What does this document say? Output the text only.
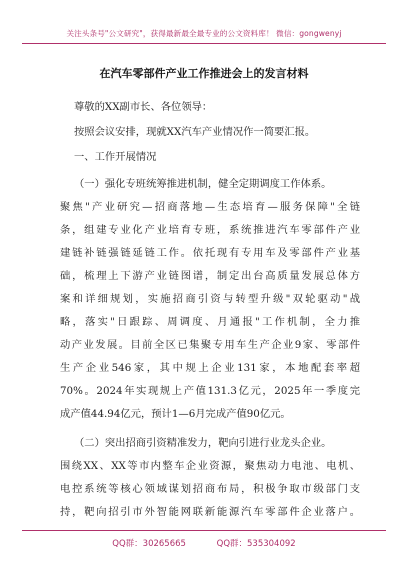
关注头条号"公文研究"，获得最新最全最专业的公文资料库！ 微信：gongwenyj
在汽车零部件产业工作推进会上的发言材料
尊敬的XX副市长、各位领导：
按照会议安排，现就XX汽车产业情况作一简要汇报。
一、工作开展情况
（一）强化专班统筹推进机制，健全定期调度工作体系。
聚焦"产业研究—招商落地—生态培育—服务保障"全链
条，组建专业化产业培育专班，系统推进汽车零部件产业
建链补链强链延链工作。依托现有专用车及零部件产业基
础，梳理上下游产业链图谱，制定出台高质量发展总体方
案和详细规划，实施招商引资与转型升级"双轮驱动"战
略，落实"日跟踪、周调度、月通报"工作机制，全力推
动产业发展。目前全区已集聚专用车生产企业9家、零部件
生产企业546家，其中规上企业131家，本地配套率超
70%。2024年实现规上产值131.3亿元，2025年一季度完
成产值44.94亿元，预计1—6月完成产值90亿元。
（二）突出招商引资精准发力，靶向引进行业龙头企业。
围绕XX、XX等市内整车企业资源，聚焦动力电池、电机、
电控系统等核心领域谋划招商布局，积极争取市级部门支
持，靶向招引市外智能网联新能源汽车零部件企业落户。
QQ群：30265665	QQ群：535304092
